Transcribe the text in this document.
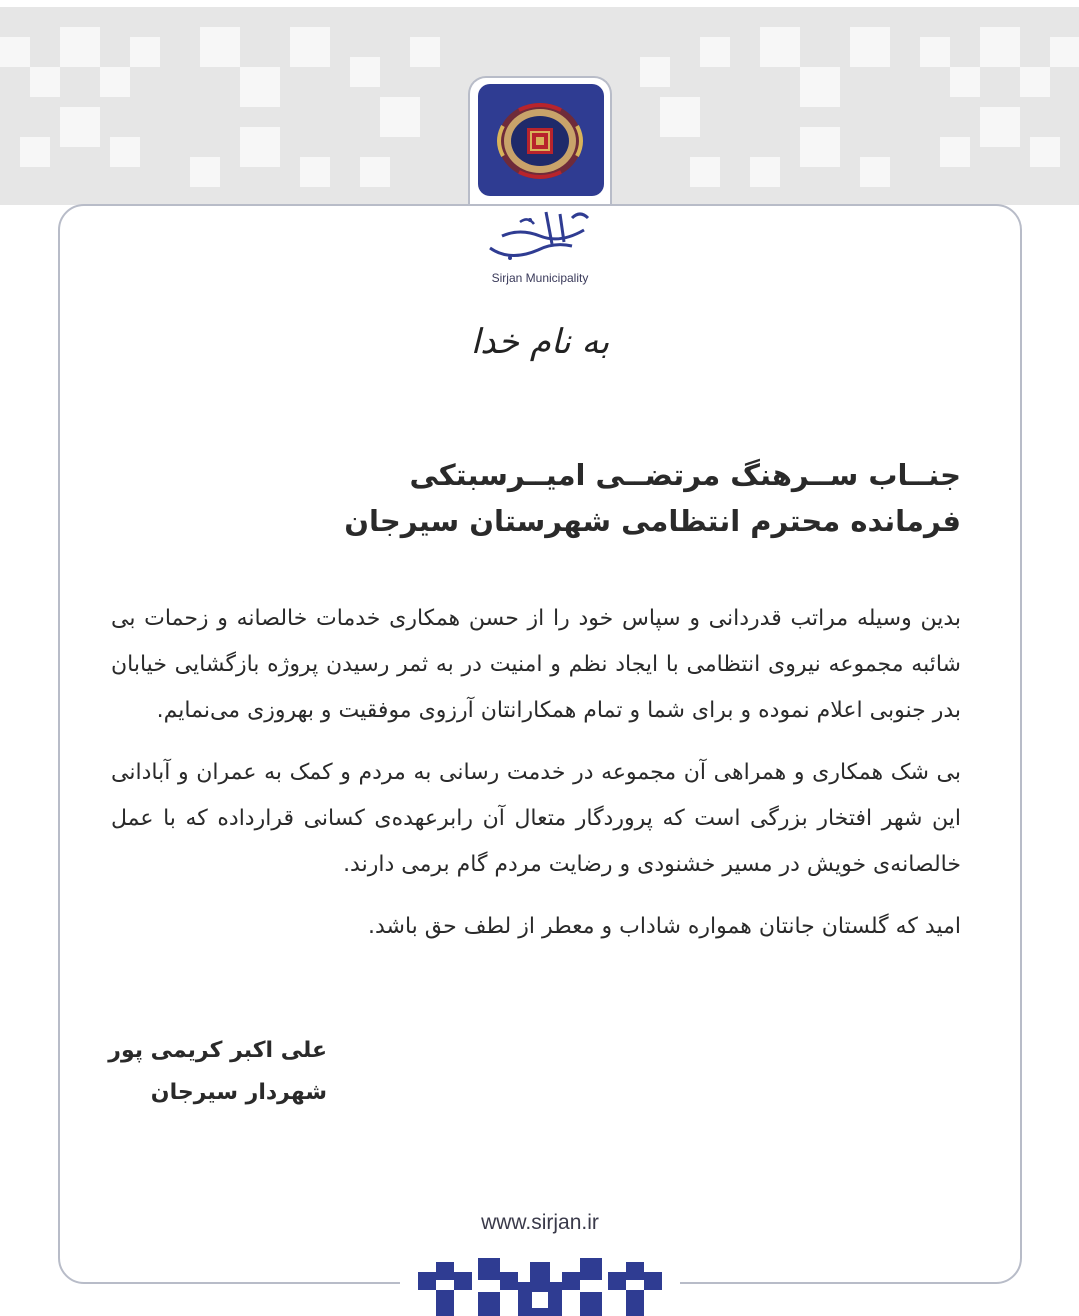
Sirjan Municipality
به نام خدا
جنــاب ســرهنگ مرتضــی امیــرسبتکی
فرمانده محترم انتظامی شهرستان سیرجان

بدین وسیله مراتب قدردانی و سپاس خود را از حسن همکاری خدمات خالصانه و زحمات بی شائبه مجموعه نیروی انتظامی با ایجاد نظم و امنیت در به ثمر رسیدن پروژه بازگشایی خیابان بدر جنوبی اعلام نموده و برای شما و تمام همکارانتان آرزوی موفقیت و بهروزی می‌نمایم.

بی شک همکاری و همراهی آن مجموعه در خدمت رسانی به مردم و کمک به عمران و آبادانی این شهر افتخار بزرگی است که پروردگار متعال آن رابرعهده‌ی کسانی قرارداده که با عمل خالصانه‌ی خویش در مسیر خشنودی و رضایت مردم گام برمی دارند.

امید که گلستان جانتان همواره شاداب و معطر از لطف حق باشد.

علی اکبر کریمی پور
شهردار سیرجان
www.sirjan.ir
